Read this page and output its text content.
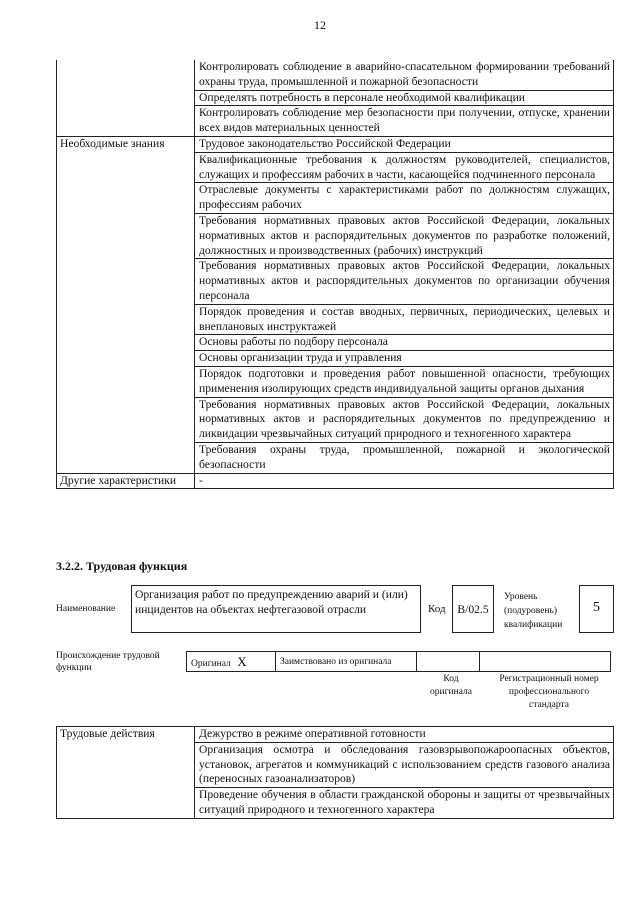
12
	Контролировать соблюдение в аварийно-спасательном формировании требований охраны труда, промышленной и пожарной безопасности
	Определять потребность в персонале необходимой квалификации
	Контролировать соблюдение мер безопасности при получении, отпуске, хранении всех видов материальных ценностей
Необходимые знания	Трудовое законодательство Российской Федерации
	Квалификационные требования к должностям руководителей, специалистов, служащих и профессиям рабочих в части, касающейся подчиненного персонала
	Отраслевые документы с характеристиками работ по должностям служащих, профессиям рабочих
	Требования нормативных правовых актов Российской Федерации, локальных нормативных актов и распорядительных документов по разработке положений, должностных и производственных (рабочих) инструкций
	Требования нормативных правовых актов Российской Федерации, локальных нормативных актов и распорядительных документов по организации обучения персонала
	Порядок проведения и состав вводных, первичных, периодических, целевых и внеплановых инструктажей
	Основы работы по подбору персонала
	Основы организации труда и управления
	Порядок подготовки и проведения работ повышенной опасности, требующих применения изолирующих средств индивидуальной защиты органов дыхания
	Требования нормативных правовых актов Российской Федерации, локальных нормативных актов и распорядительных документов по предупреждению и ликвидации чрезвычайных ситуаций природного и техногенного характера
	Требования охраны труда, промышленной, пожарной и экологической безопасности
Другие характеристики	-
3.2.2. Трудовая функция
Наименование
Организация работ по предупреждению аварий и (или) инцидентов на объектах нефтегазовой отрасли	Код	В/02.5
Уровень
(подуровень)
квалификации
5
Происхождение трудовой
функции	Оригинал X	Заимствовано из оригинала		
Код
оригинала
Регистрационный номер
профессионального
стандарта
Трудовые действия	Дежурство в режиме оперативной готовности
	Организация осмотра и обследования газовзрывопожароопасных объектов, установок, агрегатов и коммуникаций с использованием средств газового анализа (переносных газоанализаторов)
	Проведение обучения в области гражданской обороны и защиты от чрезвычайных ситуаций природного и техногенного характера
